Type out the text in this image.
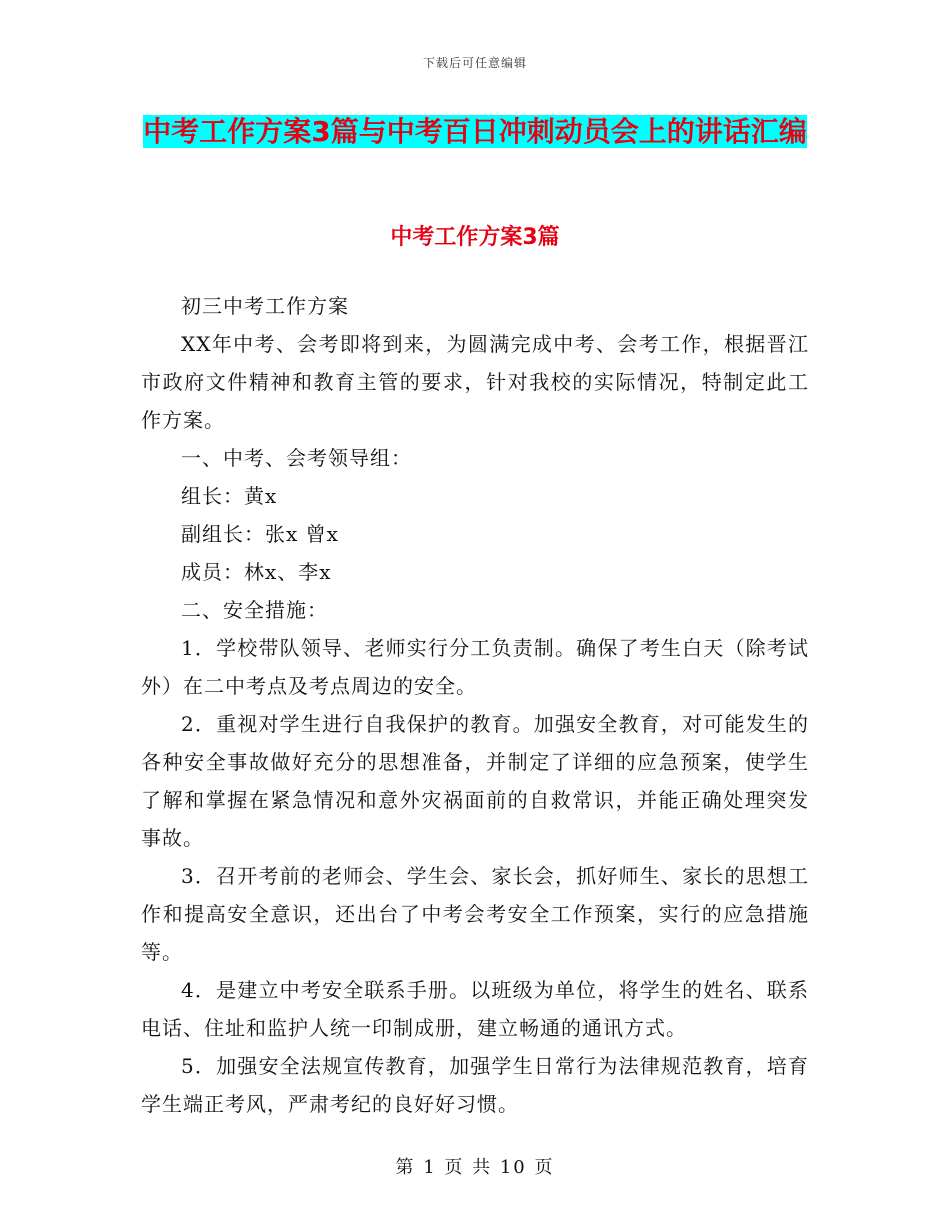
下载后可任意编辑
中考工作方案3篇与中考百日冲刺动员会上的讲话汇编
中考工作方案3篇

初三中考工作方案

XX年中考、会考即将到来，为圆满完成中考、会考工作，根据晋江市政府文件精神和教育主管的要求，针对我校的实际情况，特制定此工作方案。

一、中考、会考领导组：

组长：黄x

副组长：张x 曾x

成员：林x、李x

二、安全措施：

1．学校带队领导、老师实行分工负责制。确保了考生白天（除考试外）在二中考点及考点周边的安全。

2．重视对学生进行自我保护的教育。加强安全教育，对可能发生的各种安全事故做好充分的思想准备，并制定了详细的应急预案，使学生了解和掌握在紧急情况和意外灾祸面前的自救常识，并能正确处理突发事故。

3．召开考前的老师会、学生会、家长会，抓好师生、家长的思想工作和提高安全意识，还出台了中考会考安全工作预案，实行的应急措施等。

4．是建立中考安全联系手册。以班级为单位，将学生的姓名、联系电话、住址和监护人统一印制成册，建立畅通的通讯方式。

5．加强安全法规宣传教育，加强学生日常行为法律规范教育，培育学生端正考风，严肃考纪的良好好习惯。

第 1 页 共 10 页
